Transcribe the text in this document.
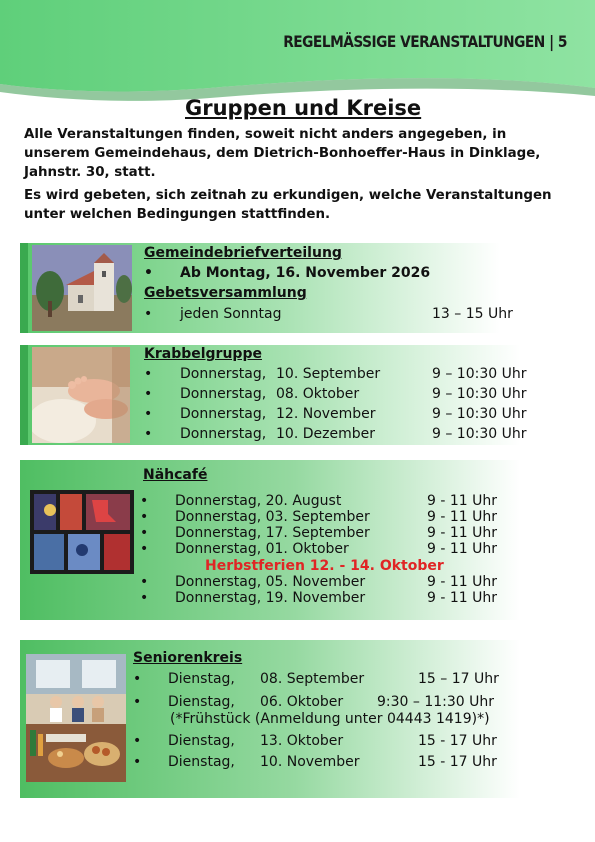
REGELMÄSSIGE VERANSTALTUNGEN | 5
Gruppen und Kreise
Alle Veranstaltungen finden, soweit nicht anders angegeben, in
unserem Gemeindehaus, dem Dietrich-Bonhoeffer-Haus in Dinklage,
Jahnstr. 30, statt.
Es wird gebeten, sich zeitnah zu erkundigen, welche Veranstaltungen
unter welchen Bedingungen stattfinden.
Gemeindebriefverteilung
• Ab Montag, 16. November 2026
Gebetsversammlung
• jeden Sonntag	13 – 15 Uhr
Krabbelgruppe
• Donnerstag, 10. September	9 – 10:30 Uhr
• Donnerstag, 08. Oktober	9 – 10:30 Uhr
• Donnerstag, 12. November	9 – 10:30 Uhr
• Donnerstag, 10. Dezember	9 – 10:30 Uhr
Nähcafé
• Donnerstag, 20. August	9 - 11 Uhr
• Donnerstag, 03. September	9 - 11 Uhr
• Donnerstag, 17. September	9 - 11 Uhr
• Donnerstag, 01. Oktober	9 - 11 Uhr
Herbstferien 12. - 14. Oktober
• Donnerstag, 05. November	9 - 11 Uhr
• Donnerstag, 19. November	9 - 11 Uhr
Seniorenkreis
• Dienstag, 08. September	15 – 17 Uhr
• Dienstag, 06. Oktober 9:30 – 11:30 Uhr
(*Frühstück (Anmeldung unter 04443 1419)*)
• Dienstag, 13. Oktober	15 - 17 Uhr
• Dienstag, 10. November	15 - 17 Uhr
